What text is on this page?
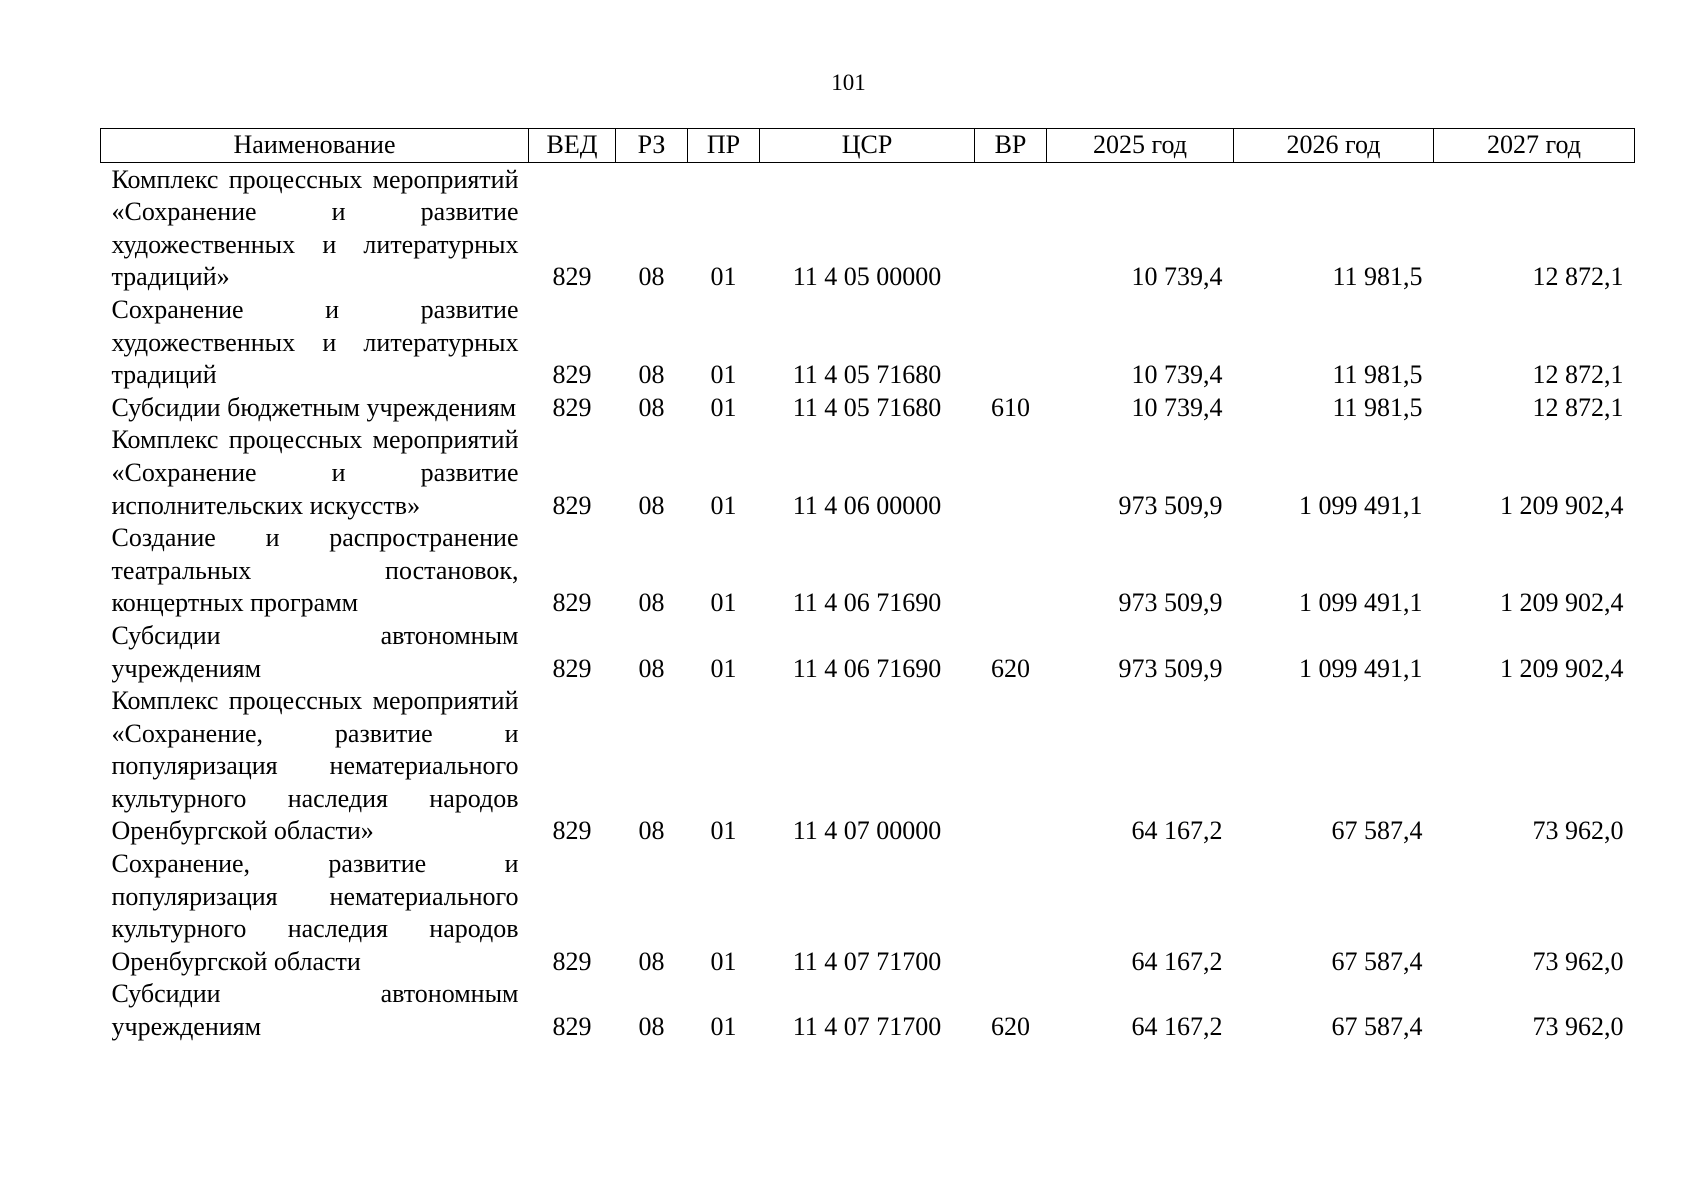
101
Наименование	ВЕД	РЗ	ПР	ЦСР	ВР	2025 год	2026 год	2027 год
Комплекс процессных мероприятий «Сохранение и развитие художественных и литературных традиций»	829	08	01	11 4 05 00000		10 739,4	11 981,5	12 872,1
Сохранение и развитие художественных и литературных традиций	829	08	01	11 4 05 71680		10 739,4	11 981,5	12 872,1
Субсидии бюджетным учреждениям	829	08	01	11 4 05 71680	610	10 739,4	11 981,5	12 872,1
Комплекс процессных мероприятий «Сохранение и развитие исполнительских искусств»	829	08	01	11 4 06 00000		973 509,9	1 099 491,1	1 209 902,4
Создание и распространение театральных постановок, концертных программ	829	08	01	11 4 06 71690		973 509,9	1 099 491,1	1 209 902,4
Субсидии автономным учреждениям	829	08	01	11 4 06 71690	620	973 509,9	1 099 491,1	1 209 902,4
Комплекс процессных мероприятий «Сохранение, развитие и популяризация нематериального культурного наследия народов Оренбургской области»	829	08	01	11 4 07 00000		64 167,2	67 587,4	73 962,0
Сохранение, развитие и популяризация нематериального культурного наследия народов Оренбургской области	829	08	01	11 4 07 71700		64 167,2	67 587,4	73 962,0
Субсидии автономным учреждениям	829	08	01	11 4 07 71700	620	64 167,2	67 587,4	73 962,0
